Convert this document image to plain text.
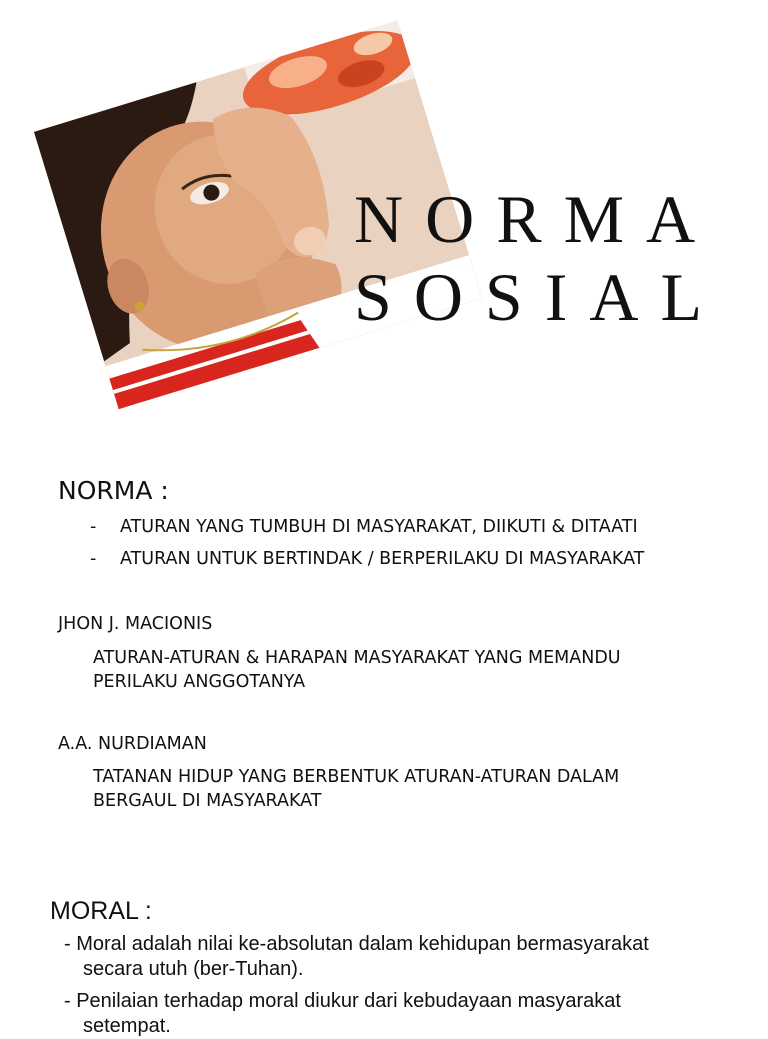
NORMA
SOSIAL
NORMA :
- ATURAN YANG TUMBUH DI MASYARAKAT, DIIKUTI & DITAATI
- ATURAN UNTUK BERTINDAK / BERPERILAKU DI MASYARAKAT
JHON J. MACIONIS
ATURAN-ATURAN & HARAPAN MASYARAKAT YANG MEMANDU
PERILAKU ANGGOTANYA
A.A. NURDIAMAN
TATANAN HIDUP YANG BERBENTUK ATURAN-ATURAN DALAM
BERGAUL DI MASYARAKAT
MORAL :
- Moral adalah nilai ke-absolutan dalam kehidupan bermasyarakat
secara utuh (ber-Tuhan).
- Penilaian terhadap moral diukur dari kebudayaan masyarakat
setempat.
